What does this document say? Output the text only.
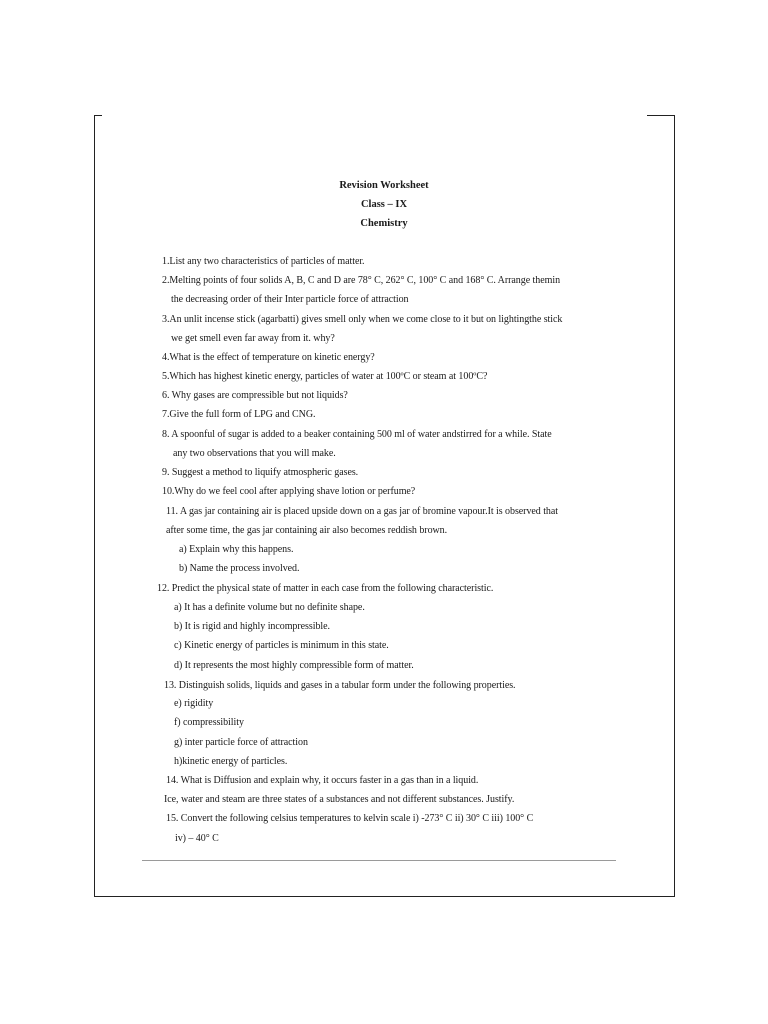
Revision Worksheet
Class – IX
Chemistry
1.List any two characteristics of particles of matter.
2.Melting points of four solids A, B, C and D are 78° C, 262° C, 100° C and 168° C. Arrange themin
the decreasing order of their Inter particle force of attraction
3.An unlit incense stick (agarbatti) gives smell only when we come close to it but on lightingthe stick
we get smell even far away from it. why?
4.What is the effect of temperature on kinetic energy?
5.Which has highest kinetic energy, particles of water at 100ºC or steam at 100ºC?
6. Why gases are compressible but not liquids?
7.Give the full form of LPG and CNG.
8. A spoonful of sugar is added to a beaker containing 500 ml of water andstirred for a while. State
any two observations that you will make.
9. Suggest a method to liquify atmospheric gases.
10.Why do we feel cool after applying shave lotion or perfume?
11. A gas jar containing air is placed upside down on a gas jar of bromine vapour.It is observed that
after some time, the gas jar containing air also becomes reddish brown.
a) Explain why this happens.
b) Name the process involved.
12. Predict the physical state of matter in each case from the following characteristic.
a) It has a definite volume but no definite shape.
b) It is rigid and highly incompressible.
c) Kinetic energy of particles is minimum in this state.
d) It represents the most highly compressible form of matter.
13. Distinguish solids, liquids and gases in a tabular form under the following properties.
e) rigidity
f) compressibility
g) inter particle force of attraction
h)kinetic energy of particles.
14. What is Diffusion and explain why, it occurs faster in a gas than in a liquid.
Ice, water and steam are three states of a substances and not different substances. Justify.
15. Convert the following celsius temperatures to kelvin scale i) -273° C ii) 30° C iii) 100° C
iv) – 40° C
